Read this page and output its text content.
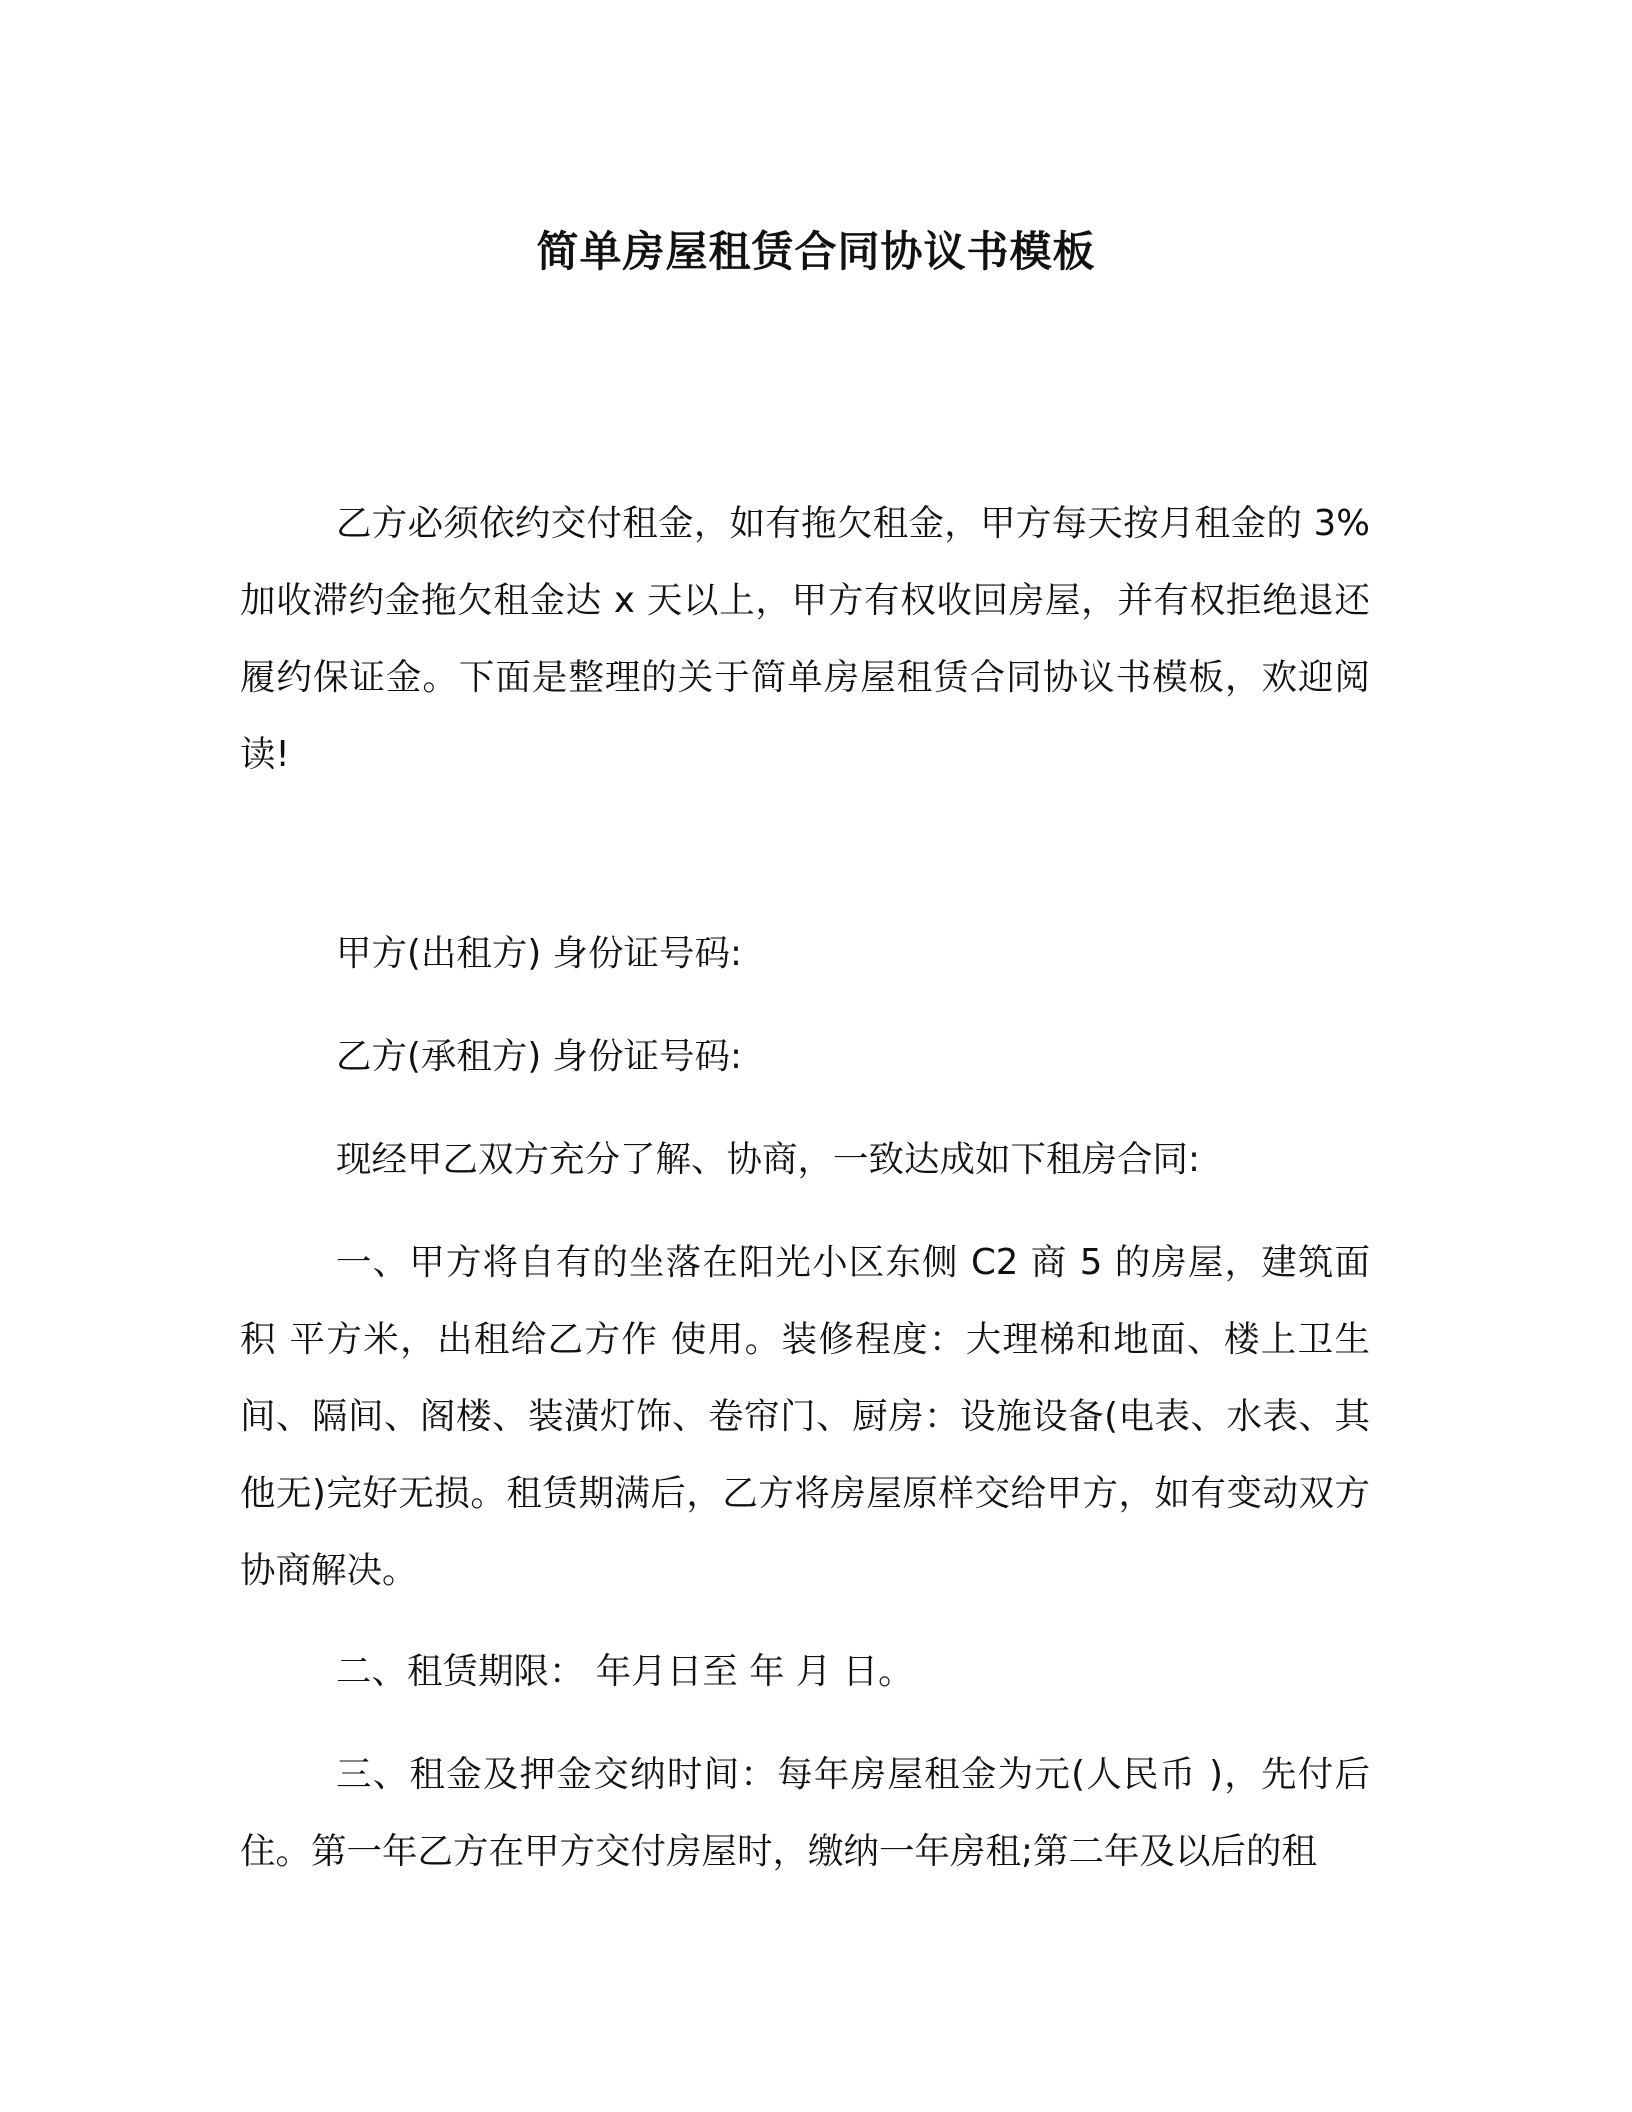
简单房屋租赁合同协议书模板

乙方必须依约交付租金，如有拖欠租金，甲方每天按月租金的 3%加收滞约金拖欠租金达 x 天以上，甲方有权收回房屋，并有权拒绝退还履约保证金。下面是整理的关于简单房屋租赁合同协议书模板，欢迎阅读!

甲方(出租方) 身份证号码:

乙方(承租方) 身份证号码:

现经甲乙双方充分了解、协商，一致达成如下租房合同:

一、甲方将自有的坐落在阳光小区东侧 C2 商 5 的房屋，建筑面积 平方米，出租给乙方作 使用。装修程度：大理梯和地面、楼上卫生间、隔间、阁楼、装潢灯饰、卷帘门、厨房：设施设备(电表、水表、其他无)完好无损。租赁期满后，乙方将房屋原样交给甲方，如有变动双方协商解决。

二、租赁期限： 年月日至 年 月 日。

三、租金及押金交纳时间：每年房屋租金为元(人民币 )，先付后住。第一年乙方在甲方交付房屋时，缴纳一年房租;第二年及以后的租
